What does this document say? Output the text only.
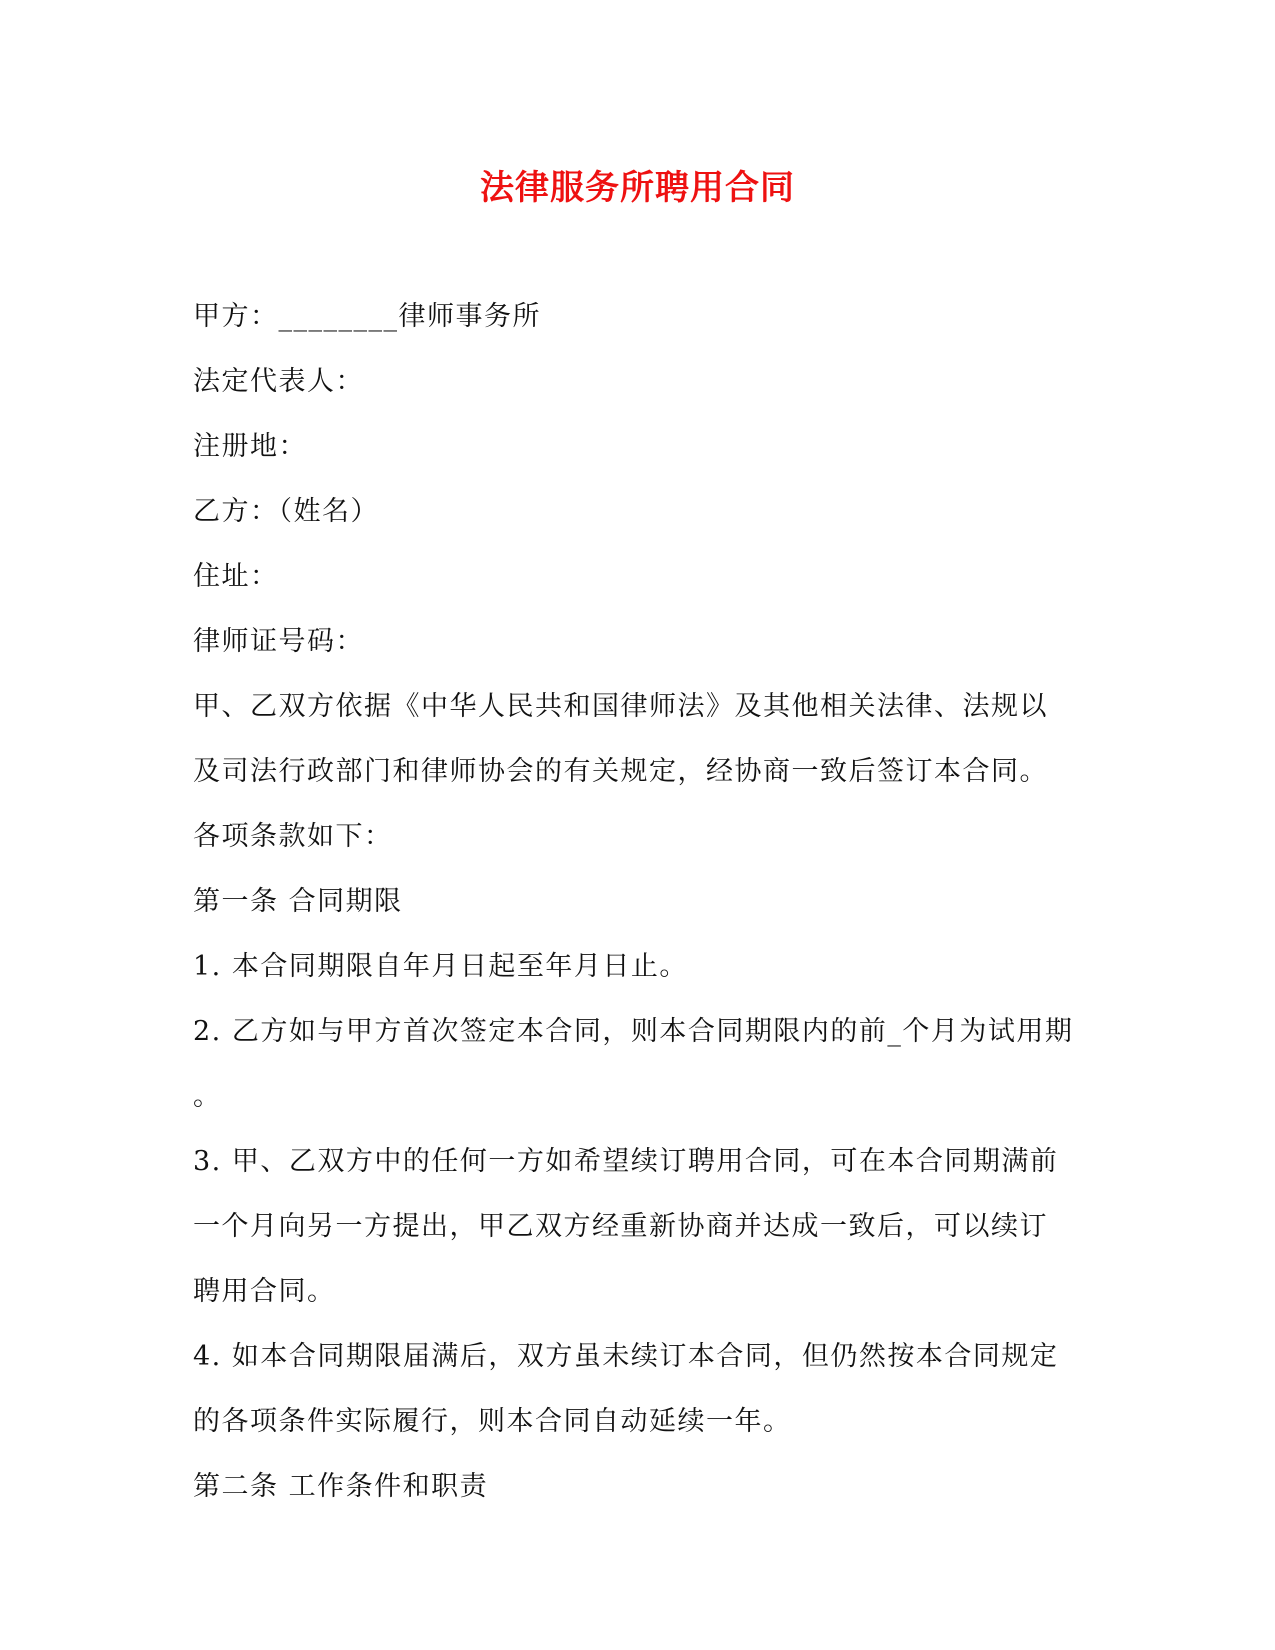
法律服务所聘用合同
甲方：________律师事务所
法定代表人：
注册地：
乙方：（姓名）
住址：
律师证号码：
甲、乙双方依据《中华人民共和国律师法》及其他相关法律、法规以
及司法行政部门和律师协会的有关规定，经协商一致后签订本合同。
各项条款如下：
第一条 合同期限
1. 本合同期限自年月日起至年月日止。
2. 乙方如与甲方首次签定本合同，则本合同期限内的前_个月为试用期
。
3. 甲、乙双方中的任何一方如希望续订聘用合同，可在本合同期满前
一个月向另一方提出，甲乙双方经重新协商并达成一致后，可以续订
聘用合同。
4. 如本合同期限届满后，双方虽未续订本合同，但仍然按本合同规定
的各项条件实际履行，则本合同自动延续一年。
第二条 工作条件和职责
